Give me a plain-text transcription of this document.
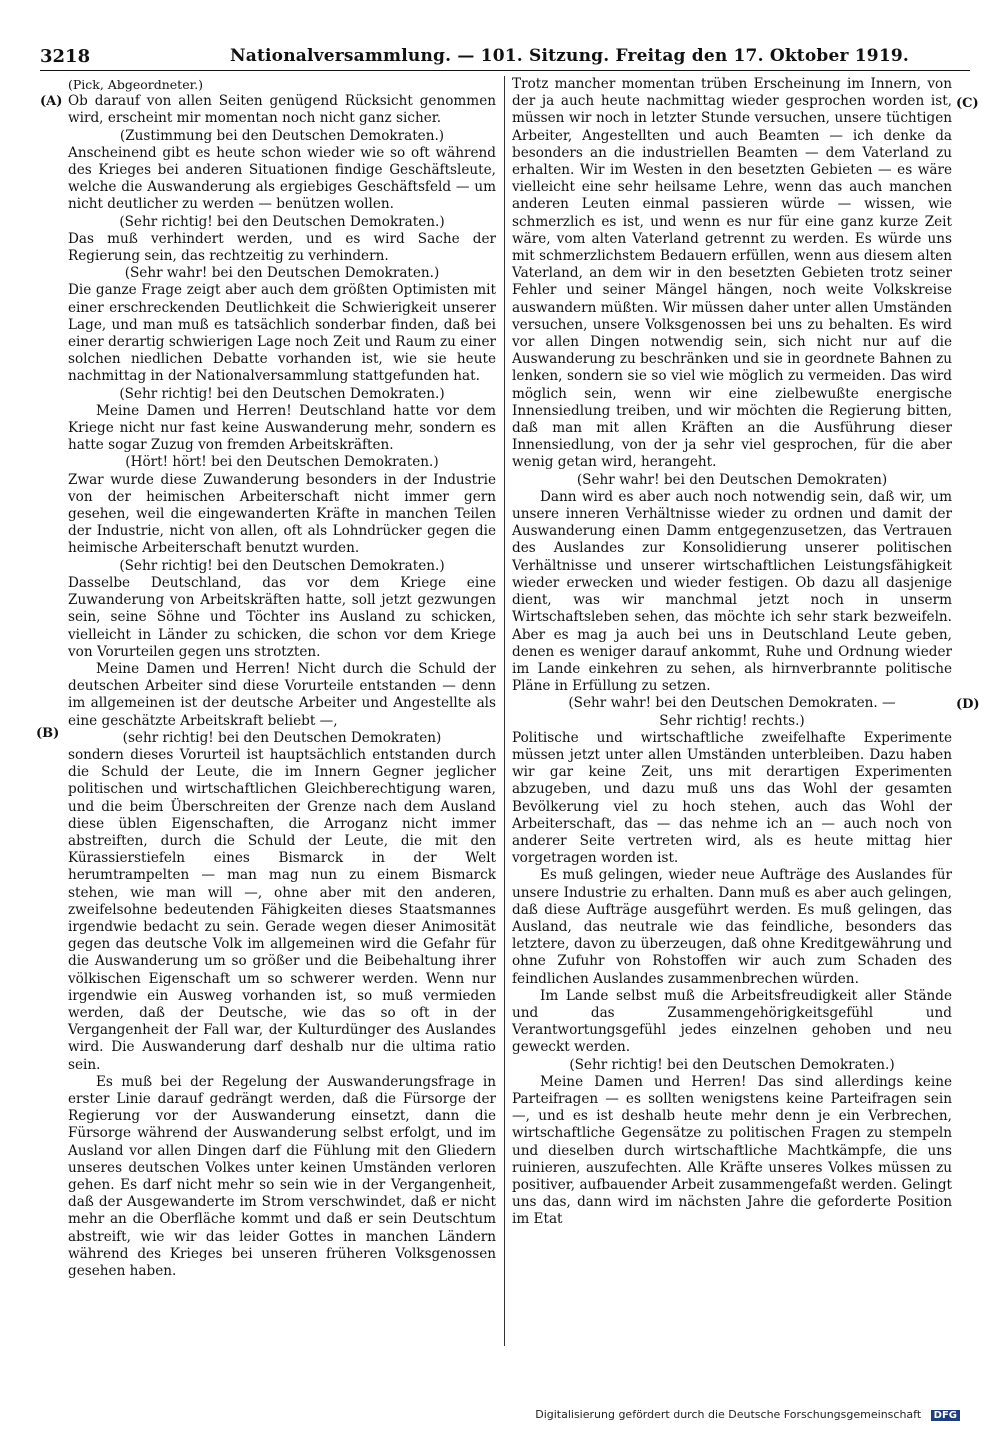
3218	Nationalversammlung. — 101. Sitzung. Freitag den 17. Oktober 1919.
(A)
(B)
(C)
(D)

(Pick, Abgeordneter.)

Ob darauf von allen Seiten genügend Rücksicht genommen wird, erscheint mir momentan noch nicht ganz sicher.

(Zustimmung bei den Deutschen Demokraten.)

Anscheinend gibt es heute schon wieder wie so oft während des Krieges bei anderen Situationen findige Geschäftsleute, welche die Auswanderung als ergiebiges Geschäftsfeld — um nicht deutlicher zu werden — benützen wollen.

(Sehr richtig! bei den Deutschen Demokraten.)

Das muß verhindert werden, und es wird Sache der Regierung sein, das rechtzeitig zu verhindern.

(Sehr wahr! bei den Deutschen Demokraten.)

Die ganze Frage zeigt aber auch dem größten Optimisten mit einer erschreckenden Deutlichkeit die Schwierigkeit unserer Lage, und man muß es tatsächlich sonderbar finden, daß bei einer derartig schwierigen Lage noch Zeit und Raum zu einer solchen niedlichen Debatte vorhanden ist, wie sie heute nachmittag in der Nationalversammlung stattgefunden hat.

(Sehr richtig! bei den Deutschen Demokraten.)

Meine Damen und Herren! Deutschland hatte vor dem Kriege nicht nur fast keine Auswanderung mehr, sondern es hatte sogar Zuzug von fremden Arbeitskräften.

(Hört! hört! bei den Deutschen Demokraten.)

Zwar wurde diese Zuwanderung besonders in der Industrie von der heimischen Arbeiterschaft nicht immer gern gesehen, weil die eingewanderten Kräfte in manchen Teilen der Industrie, nicht von allen, oft als Lohndrücker gegen die heimische Arbeiterschaft benutzt wurden.

(Sehr richtig! bei den Deutschen Demokraten.)

Dasselbe Deutschland, das vor dem Kriege eine Zuwanderung von Arbeitskräften hatte, soll jetzt gezwungen sein, seine Söhne und Töchter ins Ausland zu schicken, vielleicht in Länder zu schicken, die schon vor dem Kriege von Vorurteilen gegen uns strotzten.

Meine Damen und Herren! Nicht durch die Schuld der deutschen Arbeiter sind diese Vorurteile entstanden — denn im allgemeinen ist der deutsche Arbeiter und Angestellte als eine geschätzte Arbeitskraft beliebt —,

(sehr richtig! bei den Deutschen Demokraten)

sondern dieses Vorurteil ist hauptsächlich entstanden durch die Schuld der Leute, die im Innern Gegner jeglicher politischen und wirtschaftlichen Gleichberechtigung waren, und die beim Überschreiten der Grenze nach dem Ausland diese üblen Eigenschaften, die Arroganz nicht immer abstreiften, durch die Schuld der Leute, die mit den Kürassierstiefeln eines Bismarck in der Welt herumtrampelten — man mag nun zu einem Bismarck stehen, wie man will —, ohne aber mit den anderen, zweifelsohne bedeutenden Fähigkeiten dieses Staatsmannes irgendwie bedacht zu sein. Gerade wegen dieser Animosität gegen das deutsche Volk im allgemeinen wird die Gefahr für die Auswanderung um so größer und die Beibehaltung ihrer völkischen Eigenschaft um so schwerer werden. Wenn nur irgendwie ein Ausweg vorhanden ist, so muß vermieden werden, daß der Deutsche, wie das so oft in der Vergangenheit der Fall war, der Kulturdünger des Auslandes wird. Die Auswanderung darf deshalb nur die ultima ratio sein.

Es muß bei der Regelung der Auswanderungsfrage in erster Linie darauf gedrängt werden, daß die Fürsorge der Regierung vor der Auswanderung einsetzt, dann die Fürsorge während der Auswanderung selbst erfolgt, und im Ausland vor allen Dingen darf die Fühlung mit den Gliedern unseres deutschen Volkes unter keinen Umständen verloren gehen. Es darf nicht mehr so sein wie in der Vergangenheit, daß der Ausgewanderte im Strom verschwindet, daß er nicht mehr an die Oberfläche kommt und daß er sein Deutschtum abstreift, wie wir das leider Gottes in manchen Ländern während des Krieges bei unseren früheren Volksgenossen gesehen haben.

Trotz mancher momentan trüben Erscheinung im Innern, von der ja auch heute nachmittag wieder gesprochen worden ist, müssen wir noch in letzter Stunde versuchen, unsere tüchtigen Arbeiter, Angestellten und auch Beamten — ich denke da besonders an die industriellen Beamten — dem Vaterland zu erhalten. Wir im Westen in den besetzten Gebieten — es wäre vielleicht eine sehr heilsame Lehre, wenn das auch manchen anderen Leuten einmal passieren würde — wissen, wie schmerzlich es ist, und wenn es nur für eine ganz kurze Zeit wäre, vom alten Vaterland getrennt zu werden. Es würde uns mit schmerzlichstem Bedauern erfüllen, wenn aus diesem alten Vaterland, an dem wir in den besetzten Gebieten trotz seiner Fehler und seiner Mängel hängen, noch weite Volkskreise auswandern müßten. Wir müssen daher unter allen Umständen versuchen, unsere Volksgenossen bei uns zu behalten. Es wird vor allen Dingen notwendig sein, sich nicht nur auf die Auswanderung zu beschränken und sie in geordnete Bahnen zu lenken, sondern sie so viel wie möglich zu vermeiden. Das wird möglich sein, wenn wir eine zielbewußte energische Innensiedlung treiben, und wir möchten die Regierung bitten, daß man mit allen Kräften an die Ausführung dieser Innensiedlung, von der ja sehr viel gesprochen, für die aber wenig getan wird, herangeht.

(Sehr wahr! bei den Deutschen Demokraten)

Dann wird es aber auch noch notwendig sein, daß wir, um unsere inneren Verhältnisse wieder zu ordnen und damit der Auswanderung einen Damm entgegenzusetzen, das Vertrauen des Auslandes zur Konsolidierung unserer politischen Verhältnisse und unserer wirtschaftlichen Leistungsfähigkeit wieder erwecken und wieder festigen. Ob dazu all dasjenige dient, was wir manchmal jetzt noch in unserm Wirtschaftsleben sehen, das möchte ich sehr stark bezweifeln. Aber es mag ja auch bei uns in Deutschland Leute geben, denen es weniger darauf ankommt, Ruhe und Ordnung wieder im Lande einkehren zu sehen, als hirnverbrannte politische Pläne in Erfüllung zu setzen.

(Sehr wahr! bei den Deutschen Demokraten. —

Sehr richtig! rechts.)

Politische und wirtschaftliche zweifelhafte Experimente müssen jetzt unter allen Umständen unterbleiben. Dazu haben wir gar keine Zeit, uns mit derartigen Experimenten abzugeben, und dazu muß uns das Wohl der gesamten Bevölkerung viel zu hoch stehen, auch das Wohl der Arbeiterschaft, das — das nehme ich an — auch noch von anderer Seite vertreten wird, als es heute mittag hier vorgetragen worden ist.

Es muß gelingen, wieder neue Aufträge des Auslandes für unsere Industrie zu erhalten. Dann muß es aber auch gelingen, daß diese Aufträge ausgeführt werden. Es muß gelingen, das Ausland, das neutrale wie das feindliche, besonders das letztere, davon zu überzeugen, daß ohne Kreditgewährung und ohne Zufuhr von Rohstoffen wir auch zum Schaden des feindlichen Auslandes zusammenbrechen würden.

Im Lande selbst muß die Arbeitsfreudigkeit aller Stände und das Zusammengehörigkeitsgefühl und Verantwortungsgefühl jedes einzelnen gehoben und neu geweckt werden.

(Sehr richtig! bei den Deutschen Demokraten.)

Meine Damen und Herren! Das sind allerdings keine Parteifragen — es sollten wenigstens keine Parteifragen sein —, und es ist deshalb heute mehr denn je ein Verbrechen, wirtschaftliche Gegensätze zu politischen Fragen zu stempeln und dieselben durch wirtschaftliche Machtkämpfe, die uns ruinieren, auszufechten. Alle Kräfte unseres Volkes müssen zu positiver, aufbauender Arbeit zusammengefaßt werden. Gelingt uns das, dann wird im nächsten Jahre die geforderte Position im Etat

Digitalisierung gefördert durch die Deutsche Forschungsgemeinschaft DFG
